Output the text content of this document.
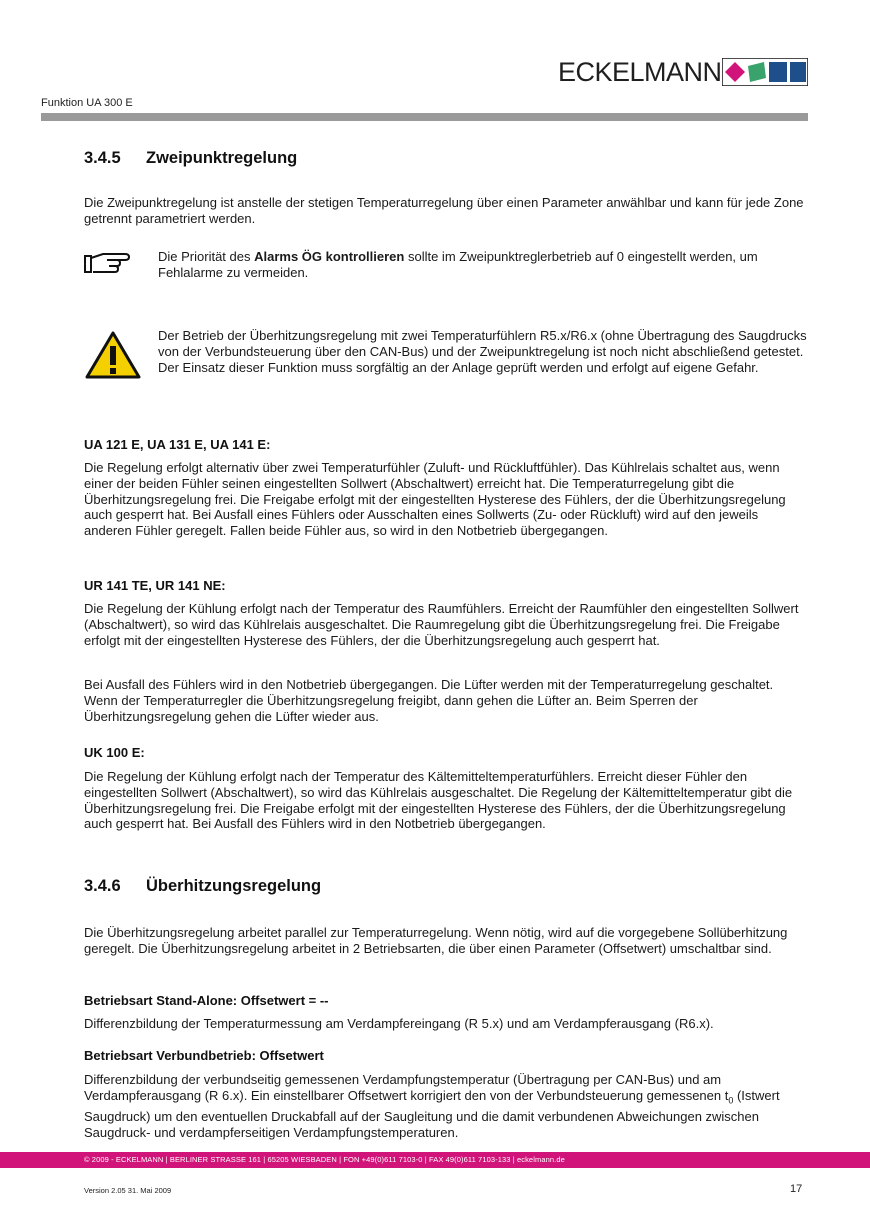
ECKELMANN
Funktion UA 300 E
3.4.5 Zweipunktregelung

Die Zweipunktregelung ist anstelle der stetigen Temperaturregelung über einen Parameter anwählbar und kann für jede Zone getrennt parametriert werden.

Die Priorität des Alarms ÖG kontrollieren sollte im Zweipunktreglerbetrieb auf 0 eingestellt werden, um Fehlalarme zu vermeiden.

Der Betrieb der Überhitzungsregelung mit zwei Temperaturfühlern R5.x/R6.x (ohne Übertragung des Saugdrucks von der Verbundsteuerung über den CAN-Bus) und der Zweipunktregelung ist noch nicht abschließend getestet. Der Einsatz dieser Funktion muss sorgfältig an der Anlage geprüft werden und erfolgt auf eigene Gefahr.

UA 121 E, UA 131 E, UA 141 E:

Die Regelung erfolgt alternativ über zwei Temperaturfühler (Zuluft- und Rückluftfühler). Das Kühlrelais schaltet aus, wenn einer der beiden Fühler seinen eingestellten Sollwert (Abschaltwert) erreicht hat. Die Temperaturregelung gibt die Überhitzungsregelung frei. Die Freigabe erfolgt mit der eingestellten Hysterese des Fühlers, der die Überhitzungsregelung auch gesperrt hat. Bei Ausfall eines Fühlers oder Ausschalten eines Sollwerts (Zu- oder Rückluft) wird auf den jeweils anderen Fühler geregelt. Fallen beide Fühler aus, so wird in den Notbetrieb übergegangen.

UR 141 TE, UR 141 NE:

Die Regelung der Kühlung erfolgt nach der Temperatur des Raumfühlers. Erreicht der Raumfühler den eingestellten Sollwert (Abschaltwert), so wird das Kühlrelais ausgeschaltet. Die Raumregelung gibt die Überhitzungsregelung frei. Die Freigabe erfolgt mit der eingestellten Hysterese des Fühlers, der die Überhitzungsregelung auch gesperrt hat.

Bei Ausfall des Fühlers wird in den Notbetrieb übergegangen. Die Lüfter werden mit der Temperaturregelung geschaltet. Wenn der Temperaturregler die Überhitzungsregelung freigibt, dann gehen die Lüfter an. Beim Sperren der Überhitzungsregelung gehen die Lüfter wieder aus.

UK 100 E:

Die Regelung der Kühlung erfolgt nach der Temperatur des Kältemitteltemperaturfühlers. Erreicht dieser Fühler den eingestellten Sollwert (Abschaltwert), so wird das Kühlrelais ausgeschaltet. Die Regelung der Kältemitteltemperatur gibt die Überhitzungsregelung frei. Die Freigabe erfolgt mit der eingestellten Hysterese des Fühlers, der die Überhitzungsregelung auch gesperrt hat. Bei Ausfall des Fühlers wird in den Notbetrieb übergegangen.

3.4.6 Überhitzungsregelung

Die Überhitzungsregelung arbeitet parallel zur Temperaturregelung. Wenn nötig, wird auf die vorgegebene Sollüberhitzung geregelt. Die Überhitzungsregelung arbeitet in 2 Betriebsarten, die über einen Parameter (Offsetwert) umschaltbar sind.

Betriebsart Stand-Alone: Offsetwert = --

Differenzbildung der Temperaturmessung am Verdampfereingang (R 5.x) und am Verdampferausgang (R6.x).

Betriebsart Verbundbetrieb: Offsetwert

Differenzbildung der verbundseitig gemessenen Verdampfungstemperatur (Übertragung per CAN-Bus) und am Verdampferausgang (R 6.x). Ein einstellbarer Offsetwert korrigiert den von der Verbundsteuerung gemessenen $t_0$ (Istwert Saugdruck) um den eventuellen Druckabfall auf der Saugleitung und die damit verbundenen Abweichungen zwischen Saugdruck- und verdampferseitigen Verdampfungstemperaturen.

© 2009 - ECKELMANN | BERLINER STRASSE 161 | 65205 WIESBADEN | FON +49(0)611 7103-0 | FAX 49(0)611 7103-133 | eckelmann.de
Version 2.05 31. Mai 2009	17
